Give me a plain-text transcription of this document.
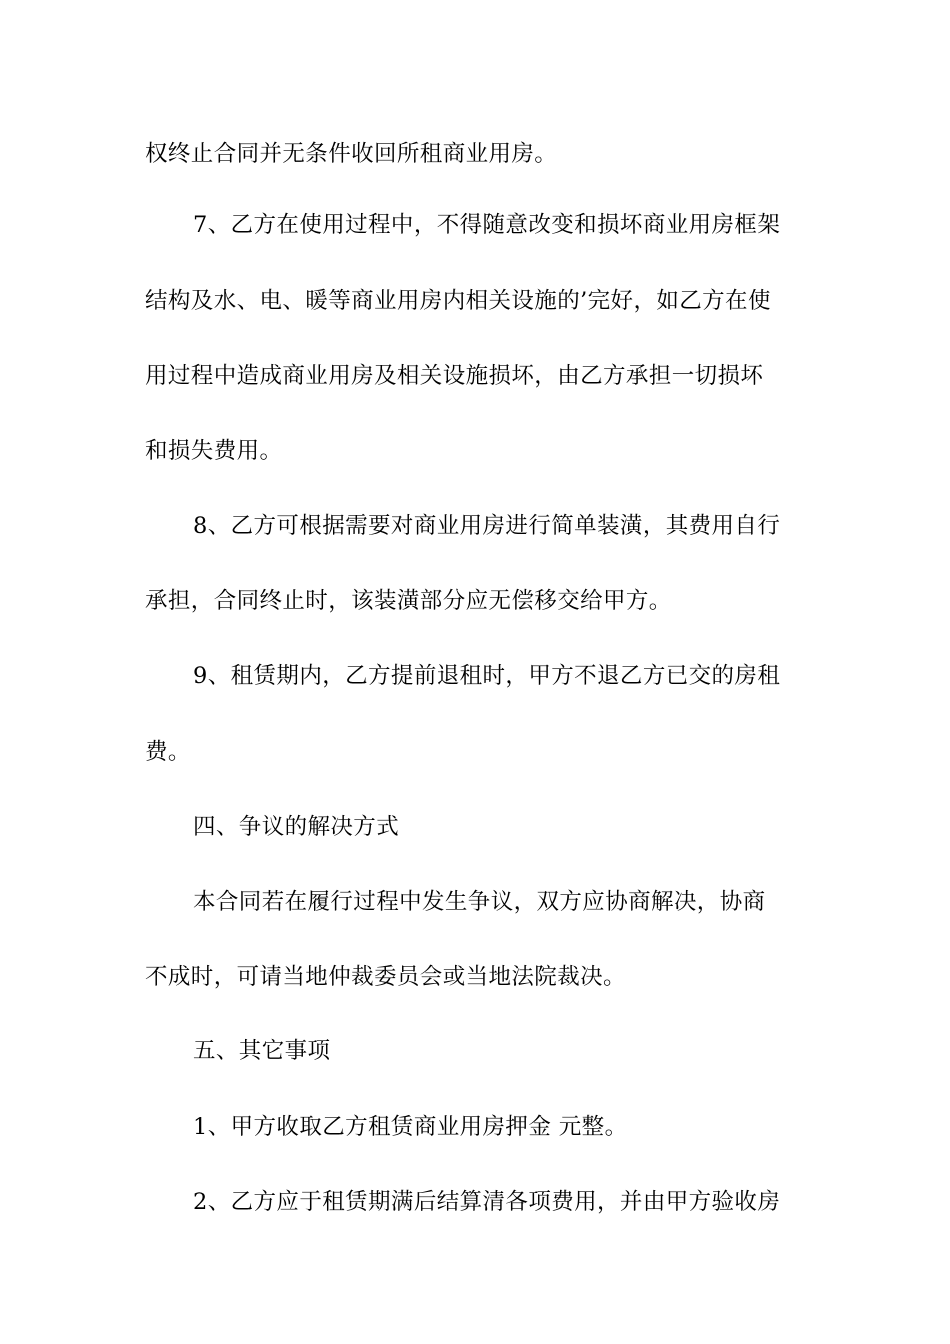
权终止合同并无条件收回所租商业用房。
7、乙方在使用过程中，不得随意改变和损坏商业用房框架
结构及水、电、暖等商业用房内相关设施的’完好，如乙方在使
用过程中造成商业用房及相关设施损坏，由乙方承担一切损坏
和损失费用。
8、乙方可根据需要对商业用房进行简单装潢，其费用自行
承担，合同终止时，该装潢部分应无偿移交给甲方。
9、租赁期内，乙方提前退租时，甲方不退乙方已交的房租
费。
四、争议的解决方式
本合同若在履行过程中发生争议，双方应协商解决，协商
不成时，可请当地仲裁委员会或当地法院裁决。
五、其它事项
1、甲方收取乙方租赁商业用房押金 元整。
2、乙方应于租赁期满后结算清各项费用，并由甲方验收房
